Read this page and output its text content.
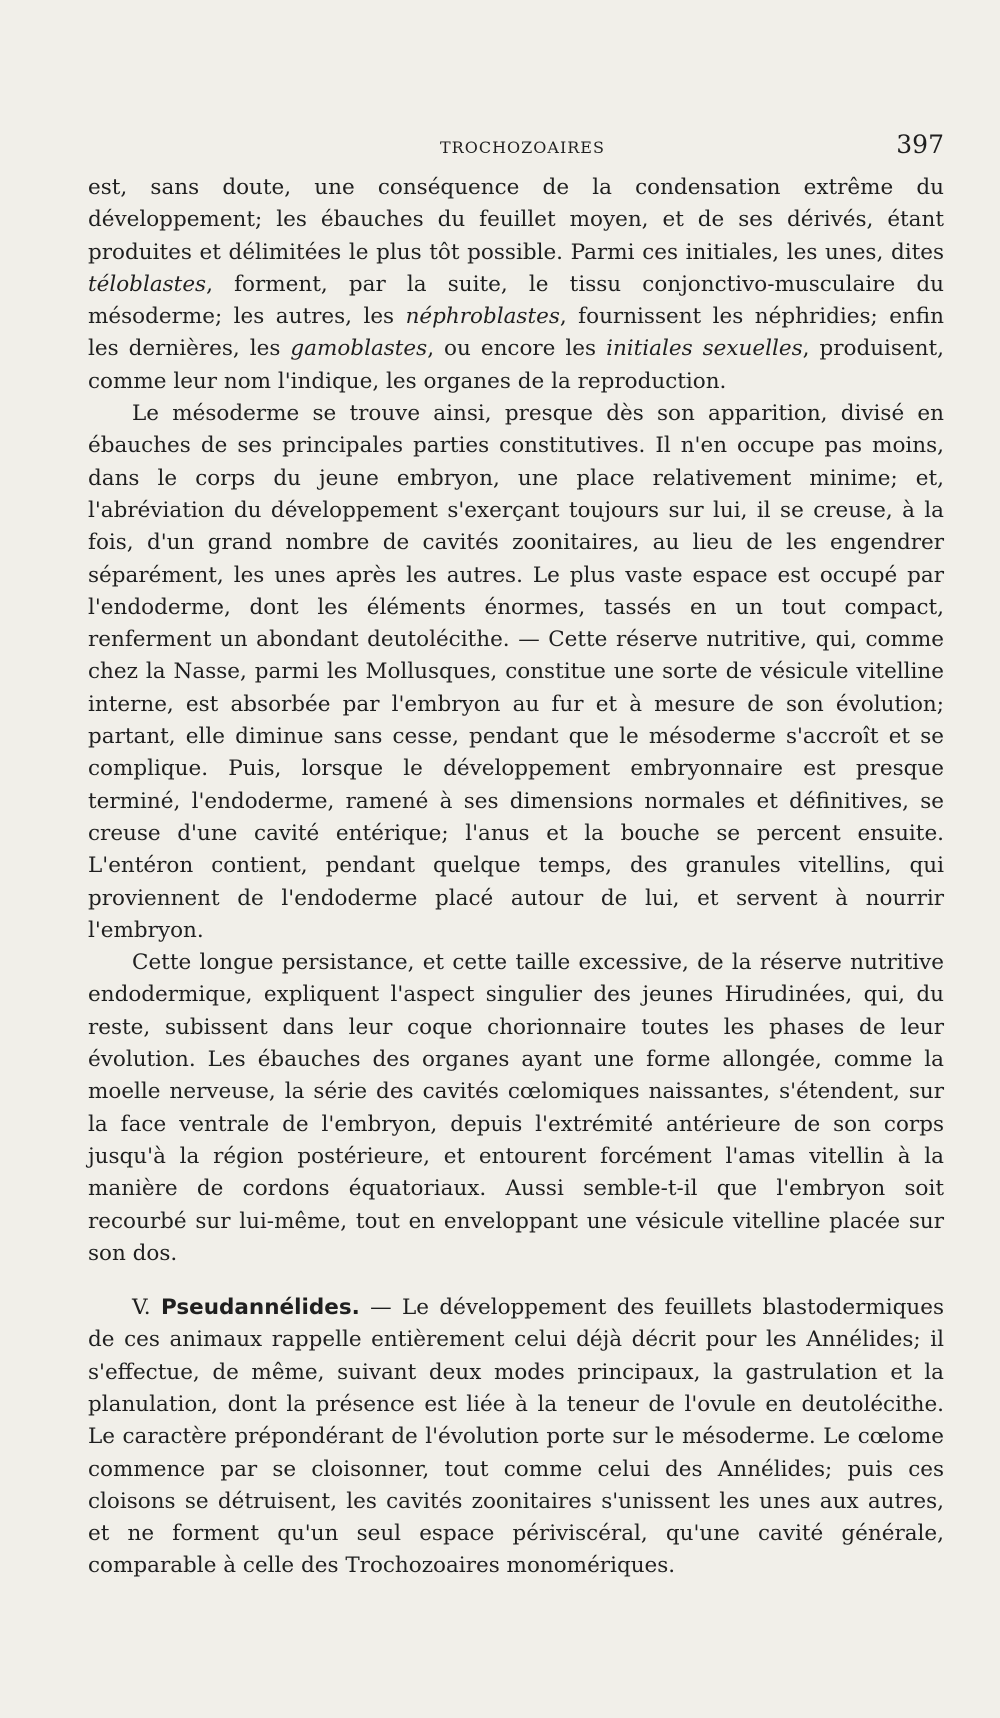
TROCHOZOAIRES	397

est, sans doute, une conséquence de la condensation extrême du développement; les ébauches du feuillet moyen, et de ses dérivés, étant produites et délimitées le plus tôt possible. Parmi ces initiales, les unes, dites téloblastes, forment, par la suite, le tissu conjonctivo-musculaire du mésoderme; les autres, les néphroblastes, fournissent les néphridies; enfin les dernières, les gamoblastes, ou encore les initiales sexuelles, produisent, comme leur nom l'indique, les organes de la reproduction.

Le mésoderme se trouve ainsi, presque dès son apparition, divisé en ébauches de ses principales parties constitutives. Il n'en occupe pas moins, dans le corps du jeune embryon, une place relativement minime; et, l'abréviation du développement s'exerçant toujours sur lui, il se creuse, à la fois, d'un grand nombre de cavités zoonitaires, au lieu de les engendrer séparément, les unes après les autres. Le plus vaste espace est occupé par l'endoderme, dont les éléments énormes, tassés en un tout compact, renferment un abondant deutolécithe. — Cette réserve nutritive, qui, comme chez la Nasse, parmi les Mollusques, constitue une sorte de vésicule vitelline interne, est absorbée par l'embryon au fur et à mesure de son évolution; partant, elle diminue sans cesse, pendant que le mésoderme s'accroît et se complique. Puis, lorsque le développement embryonnaire est presque terminé, l'endoderme, ramené à ses dimensions normales et définitives, se creuse d'une cavité entérique; l'anus et la bouche se percent ensuite. L'entéron contient, pendant quelque temps, des granules vitellins, qui proviennent de l'endoderme placé autour de lui, et servent à nourrir l'embryon.

Cette longue persistance, et cette taille excessive, de la réserve nutritive endodermique, expliquent l'aspect singulier des jeunes Hirudinées, qui, du reste, subissent dans leur coque chorionnaire toutes les phases de leur évolution. Les ébauches des organes ayant une forme allongée, comme la moelle nerveuse, la série des cavités cœlomiques naissantes, s'étendent, sur la face ventrale de l'embryon, depuis l'extrémité antérieure de son corps jusqu'à la région postérieure, et entourent forcément l'amas vitellin à la manière de cordons équatoriaux. Aussi semble-t-il que l'embryon soit recourbé sur lui-même, tout en enveloppant une vésicule vitelline placée sur son dos.

V. Pseudannélides. — Le développement des feuillets blastodermiques de ces animaux rappelle entièrement celui déjà décrit pour les Annélides; il s'effectue, de même, suivant deux modes principaux, la gastrulation et la planulation, dont la présence est liée à la teneur de l'ovule en deutolécithe. Le caractère prépondérant de l'évolution porte sur le mésoderme. Le cœlome commence par se cloisonner, tout comme celui des Annélides; puis ces cloisons se détruisent, les cavités zoonitaires s'unissent les unes aux autres, et ne forment qu'un seul espace périviscéral, qu'une cavité générale, comparable à celle des Trochozoaires monomériques.
